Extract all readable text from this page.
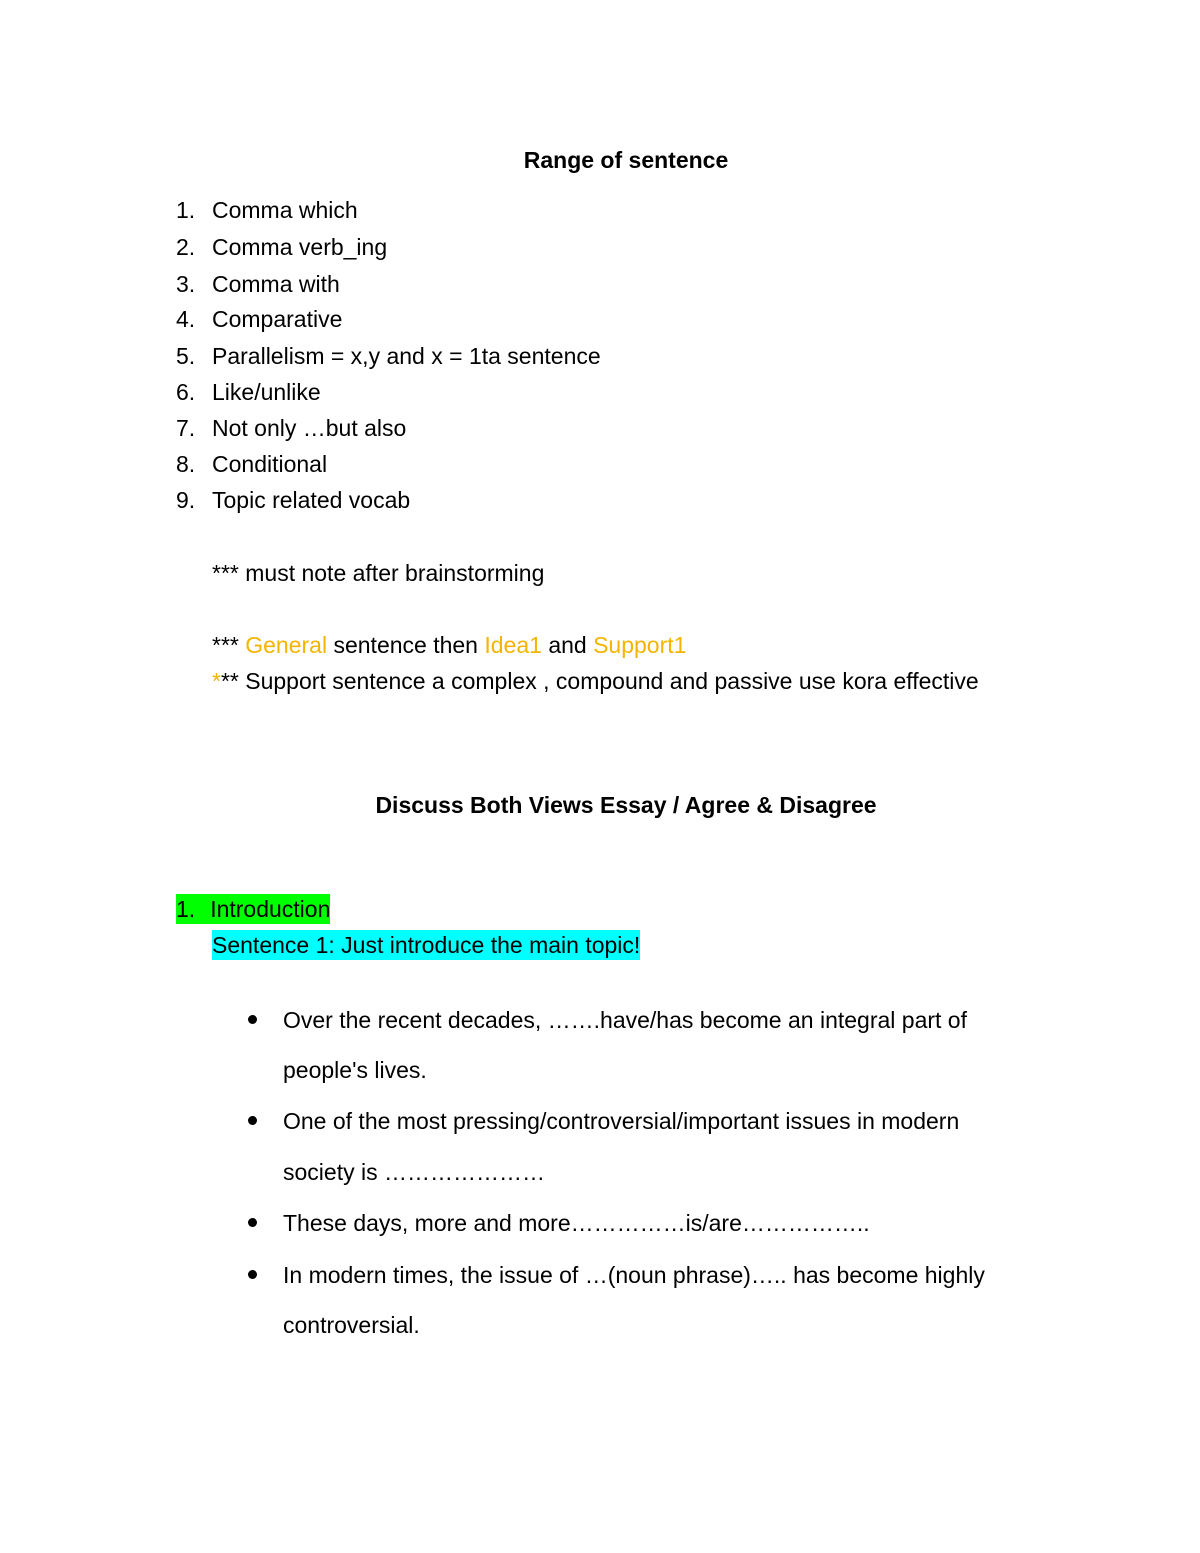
Range of sentence
1. Comma which
2. Comma verb_ing
3. Comma with
4. Comparative
5. Parallelism = x,y and x = 1ta sentence
6. Like/unlike
7. Not only …but also
8. Conditional
9. Topic related vocab
*** must note after brainstorming
*** General sentence then Idea1 and Support1
*** Support sentence a complex , compound and passive use kora effective
Discuss Both Views Essay / Agree & Disagree
1. Introduction
Sentence 1: Just introduce the main topic!
Over the recent decades, …….have/has become an integral part of
people's lives.
One of the most pressing/controversial/important issues in modern
society is …………………
These days, more and more……………is/are……………..
In modern times, the issue of …(noun phrase)….. has become highly
controversial.
